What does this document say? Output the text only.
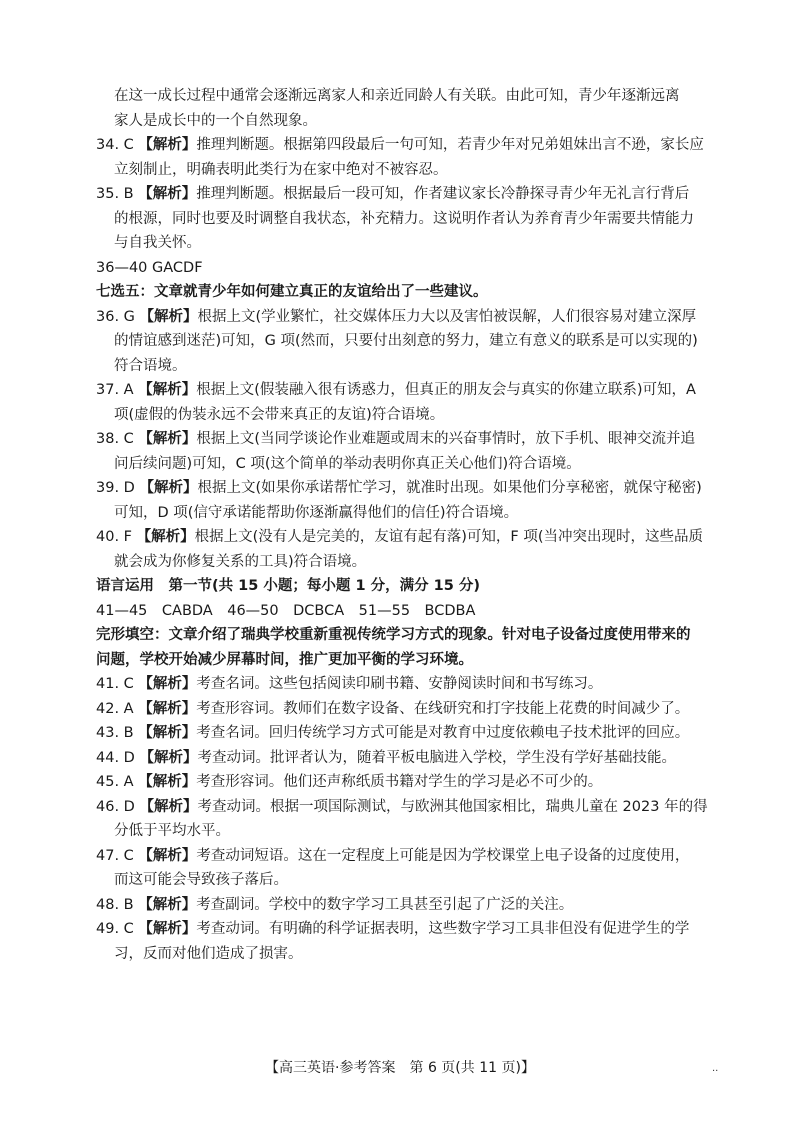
在这一成长过程中通常会逐渐远离家人和亲近同龄人有关联。由此可知，青少年逐渐远离
家人是成长中的一个自然现象。
34. C 【解析】推理判断题。根据第四段最后一句可知，若青少年对兄弟姐妹出言不逊，家长应
立刻制止，明确表明此类行为在家中绝对不被容忍。
35. B 【解析】推理判断题。根据最后一段可知，作者建议家长冷静探寻青少年无礼言行背后
的根源，同时也要及时调整自我状态，补充精力。这说明作者认为养育青少年需要共情能力
与自我关怀。
36—40 GACDF
七选五：文章就青少年如何建立真正的友谊给出了一些建议。
36. G 【解析】根据上文(学业繁忙，社交媒体压力大以及害怕被误解，人们很容易对建立深厚
的情谊感到迷茫)可知，G 项(然而，只要付出刻意的努力，建立有意义的联系是可以实现的)
符合语境。
37. A 【解析】根据上文(假装融入很有诱惑力，但真正的朋友会与真实的你建立联系)可知，A
项(虚假的伪装永远不会带来真正的友谊)符合语境。
38. C 【解析】根据上文(当同学谈论作业难题或周末的兴奋事情时，放下手机、眼神交流并追
问后续问题)可知，C 项(这个简单的举动表明你真正关心他们)符合语境。
39. D 【解析】根据上文(如果你承诺帮忙学习，就准时出现。如果他们分享秘密，就保守秘密)
可知，D 项(信守承诺能帮助你逐渐赢得他们的信任)符合语境。
40. F 【解析】根据上文(没有人是完美的，友谊有起有落)可知，F 项(当冲突出现时，这些品质
就会成为你修复关系的工具)符合语境。
语言运用　第一节(共 15 小题；每小题 1 分，满分 15 分)
41—45　CABDA　46—50　DCBCA　51—55　BCDBA
完形填空：文章介绍了瑞典学校重新重视传统学习方式的现象。针对电子设备过度使用带来的
问题，学校开始减少屏幕时间，推广更加平衡的学习环境。
41. C 【解析】考查名词。这些包括阅读印刷书籍、安静阅读时间和书写练习。
42. A 【解析】考查形容词。教师们在数字设备、在线研究和打字技能上花费的时间减少了。
43. B 【解析】考查名词。回归传统学习方式可能是对教育中过度依赖电子技术批评的回应。
44. D 【解析】考查动词。批评者认为，随着平板电脑进入学校，学生没有学好基础技能。
45. A 【解析】考查形容词。他们还声称纸质书籍对学生的学习是必不可少的。
46. D 【解析】考查动词。根据一项国际测试，与欧洲其他国家相比，瑞典儿童在 2023 年的得
分低于平均水平。
47. C 【解析】考查动词短语。这在一定程度上可能是因为学校课堂上电子设备的过度使用，
而这可能会导致孩子落后。
48. B 【解析】考查副词。学校中的数字学习工具甚至引起了广泛的关注。
49. C 【解析】考查动词。有明确的科学证据表明，这些数字学习工具非但没有促进学生的学
习，反而对他们造成了损害。
【高三英语·参考答案　第 6 页(共 11 页)】	··
